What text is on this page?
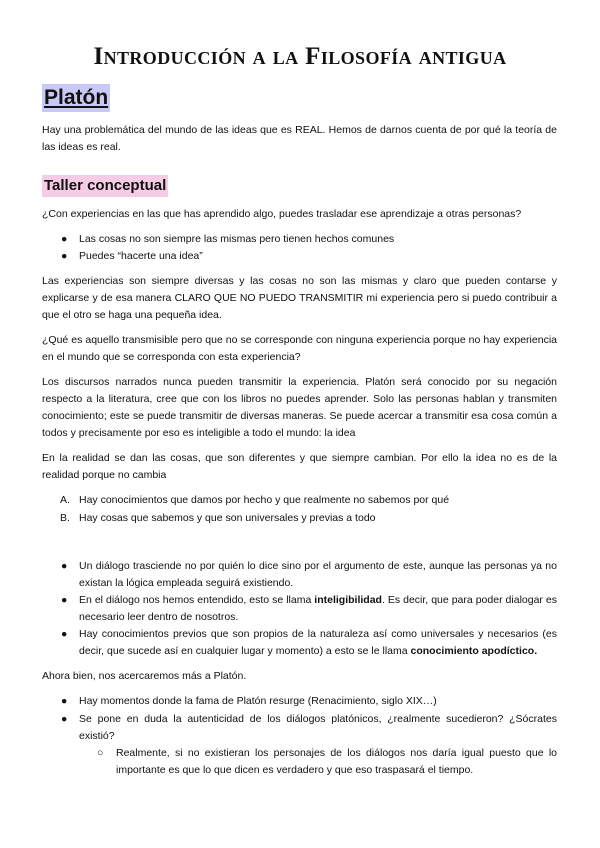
Introducción a la Filosofía antigua
Platón

Hay una problemática del mundo de las ideas que es REAL. Hemos de darnos cuenta de por qué la teoría de las ideas es real.

Taller conceptual

¿Con experiencias en las que has aprendido algo, puedes trasladar ese aprendizaje a otras personas?

● Las cosas no son siempre las mismas pero tienen hechos comunes

● Puedes “hacerte una idea”

Las experiencias son siempre diversas y las cosas no son las mismas y claro que pueden contarse y explicarse y de esa manera CLARO QUE NO PUEDO TRANSMITIR mi experiencia pero si puedo contribuir a que el otro se haga una pequeña idea.

¿Qué es aquello transmisible pero que no se corresponde con ninguna experiencia porque no hay experiencia en el mundo que se corresponda con esta experiencia?

Los discursos narrados nunca pueden transmitir la experiencia. Platón será conocido por su negación respecto a la literatura, cree que con los libros no puedes aprender. Solo las personas hablan y transmiten conocimiento; este se puede transmitir de diversas maneras. Se puede acercar a transmitir esa cosa común a todos y precisamente por eso es inteligible a todo el mundo: la idea

En la realidad se dan las cosas, que son diferentes y que siempre cambian. Por ello la idea no es de la realidad porque no cambia

A. Hay conocimientos que damos por hecho y que realmente no sabemos por qué

B. Hay cosas que sabemos y que son universales y previas a todo

● Un diálogo trasciende no por quién lo dice sino por el argumento de este, aunque las personas ya no existan la lógica empleada seguirá existiendo.

● En el diálogo nos hemos entendido, esto se llama inteligibilidad. Es decir, que para poder dialogar es necesario leer dentro de nosotros.

● Hay conocimientos previos que son propios de la naturaleza así como universales y necesarios (es decir, que sucede así en cualquier lugar y momento) a esto se le llama conocimiento apodíctico.

Ahora bien, nos acercaremos más a Platón.

● Hay momentos donde la fama de Platón resurge (Renacimiento, siglo XIX…)

● Se pone en duda la autenticidad de los diálogos platónicos, ¿realmente sucedieron? ¿Sócrates existió?

○ Realmente, si no existieran los personajes de los diálogos nos daría igual puesto que lo importante es que lo que dicen es verdadero y que eso traspasará el tiempo.
